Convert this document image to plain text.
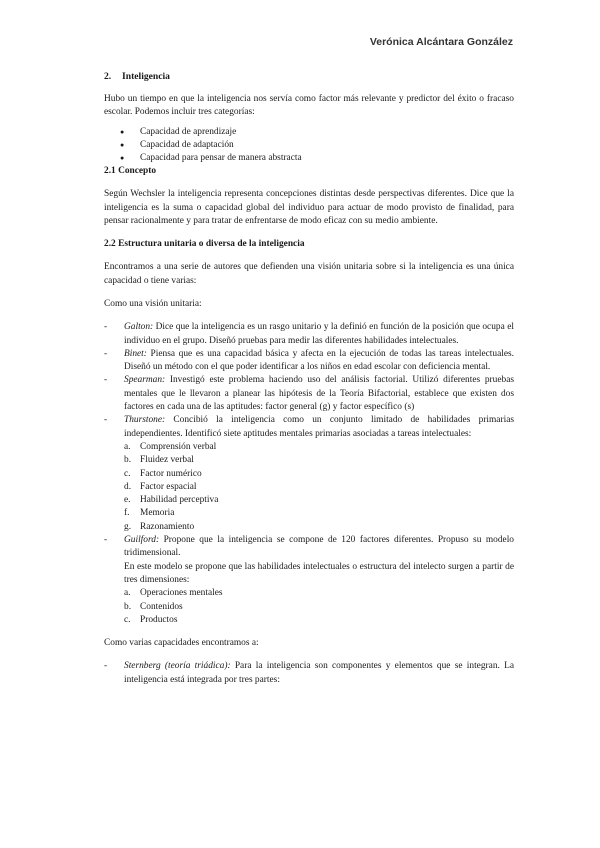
Verónica Alcántara González
2. Inteligencia

Hubo un tiempo en que la inteligencia nos servía como factor más relevante y predictor del éxito o fracaso escolar. Podemos incluir tres categorías:

● Capacidad de aprendizaje
● Capacidad de adaptación
● Capacidad para pensar de manera abstracta
2.1 Concepto

Según Wechsler la inteligencia representa concepciones distintas desde perspectivas diferentes. Dice que la inteligencia es la suma o capacidad global del individuo para actuar de modo provisto de finalidad, para pensar racionalmente y para tratar de enfrentarse de modo eficaz con su medio ambiente.

2.2 Estructura unitaria o diversa de la inteligencia

Encontramos a una serie de autores que defienden una visión unitaria sobre si la inteligencia es una única capacidad o tiene varias:

Como una visión unitaria:

- Galton: Dice que la inteligencia es un rasgo unitario y la definió en función de la posición que ocupa el individuo en el grupo. Diseñó pruebas para medir las diferentes habilidades intelectuales.
- Binet: Piensa que es una capacidad básica y afecta en la ejecución de todas las tareas intelectuales. Diseñó un método con el que poder identificar a los niños en edad escolar con deficiencia mental.
- Spearman: Investigó este problema haciendo uso del análisis factorial. Utilizó diferentes pruebas mentales que le llevaron a planear las hipótesis de la Teoría Bifactorial, establece que existen dos factores en cada una de las aptitudes: factor general (g) y factor específico (s)
- Thurstone: Concibió la inteligencia como un conjunto limitado de habilidades primarias independientes. Identificó siete aptitudes mentales primarias asociadas a tareas intelectuales:
a. Comprensión verbal
b. Fluidez verbal
c. Factor numérico
d. Factor espacial
e. Habilidad perceptiva
f. Memoria
g. Razonamiento
- Guilford: Propone que la inteligencia se compone de 120 factores diferentes. Propuso su modelo tridimensional.

En este modelo se propone que las habilidades intelectuales o estructura del intelecto surgen a partir de tres dimensiones:

a. Operaciones mentales
b. Contenidos
c. Productos

Como varias capacidades encontramos a:

- Sternberg (teoría triádica): Para la inteligencia son componentes y elementos que se integran. La inteligencia está integrada por tres partes:
